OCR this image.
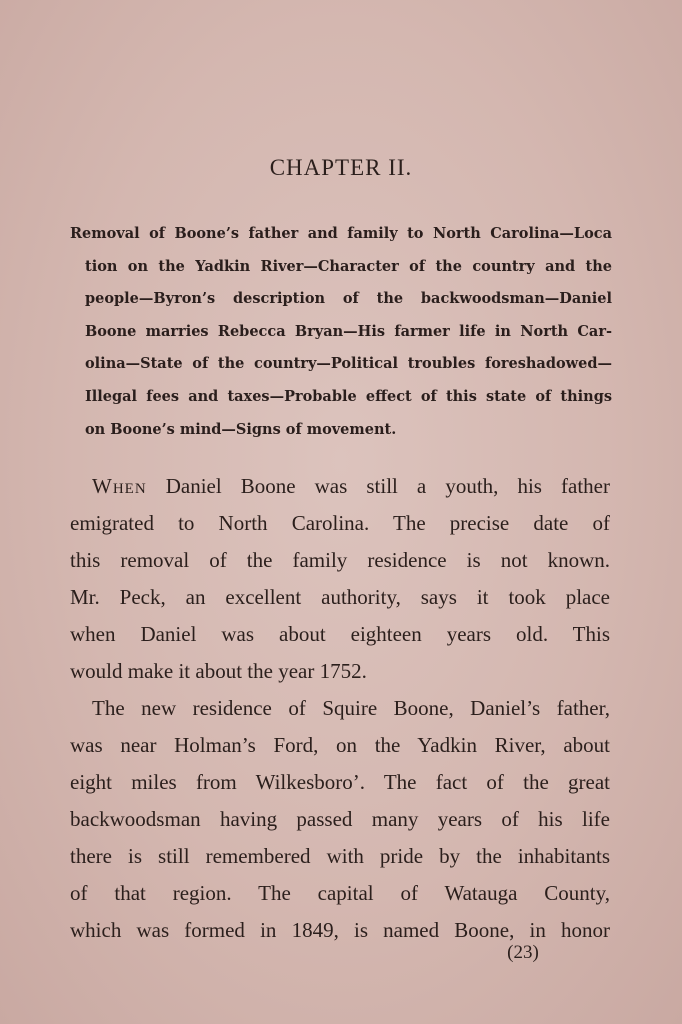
CHAPTER II.
Removal of Boone’s father and family to North Carolina—Loca
tion on the Yadkin River—Character of the country and the
people—Byron’s description of the backwoodsman—Daniel
Boone marries Rebecca Bryan—His farmer life in North Car-
olina—State of the country—Political troubles foreshadowed—
Illegal fees and taxes—Probable effect of this state of things
on Boone’s mind—Signs of movement.
When Daniel Boone was still a youth, his father
emigrated to North Carolina. The precise date of
this removal of the family residence is not known.
Mr. Peck, an excellent authority, says it took place
when Daniel was about eighteen years old. This
would make it about the year 1752.
The new residence of Squire Boone, Daniel’s father,
was near Holman’s Ford, on the Yadkin River, about
eight miles from Wilkesboro’. The fact of the great
backwoodsman having passed many years of his life
there is still remembered with pride by the inhabitants
of that region. The capital of Watauga County,
which was formed in 1849, is named Boone, in honor
(23)
